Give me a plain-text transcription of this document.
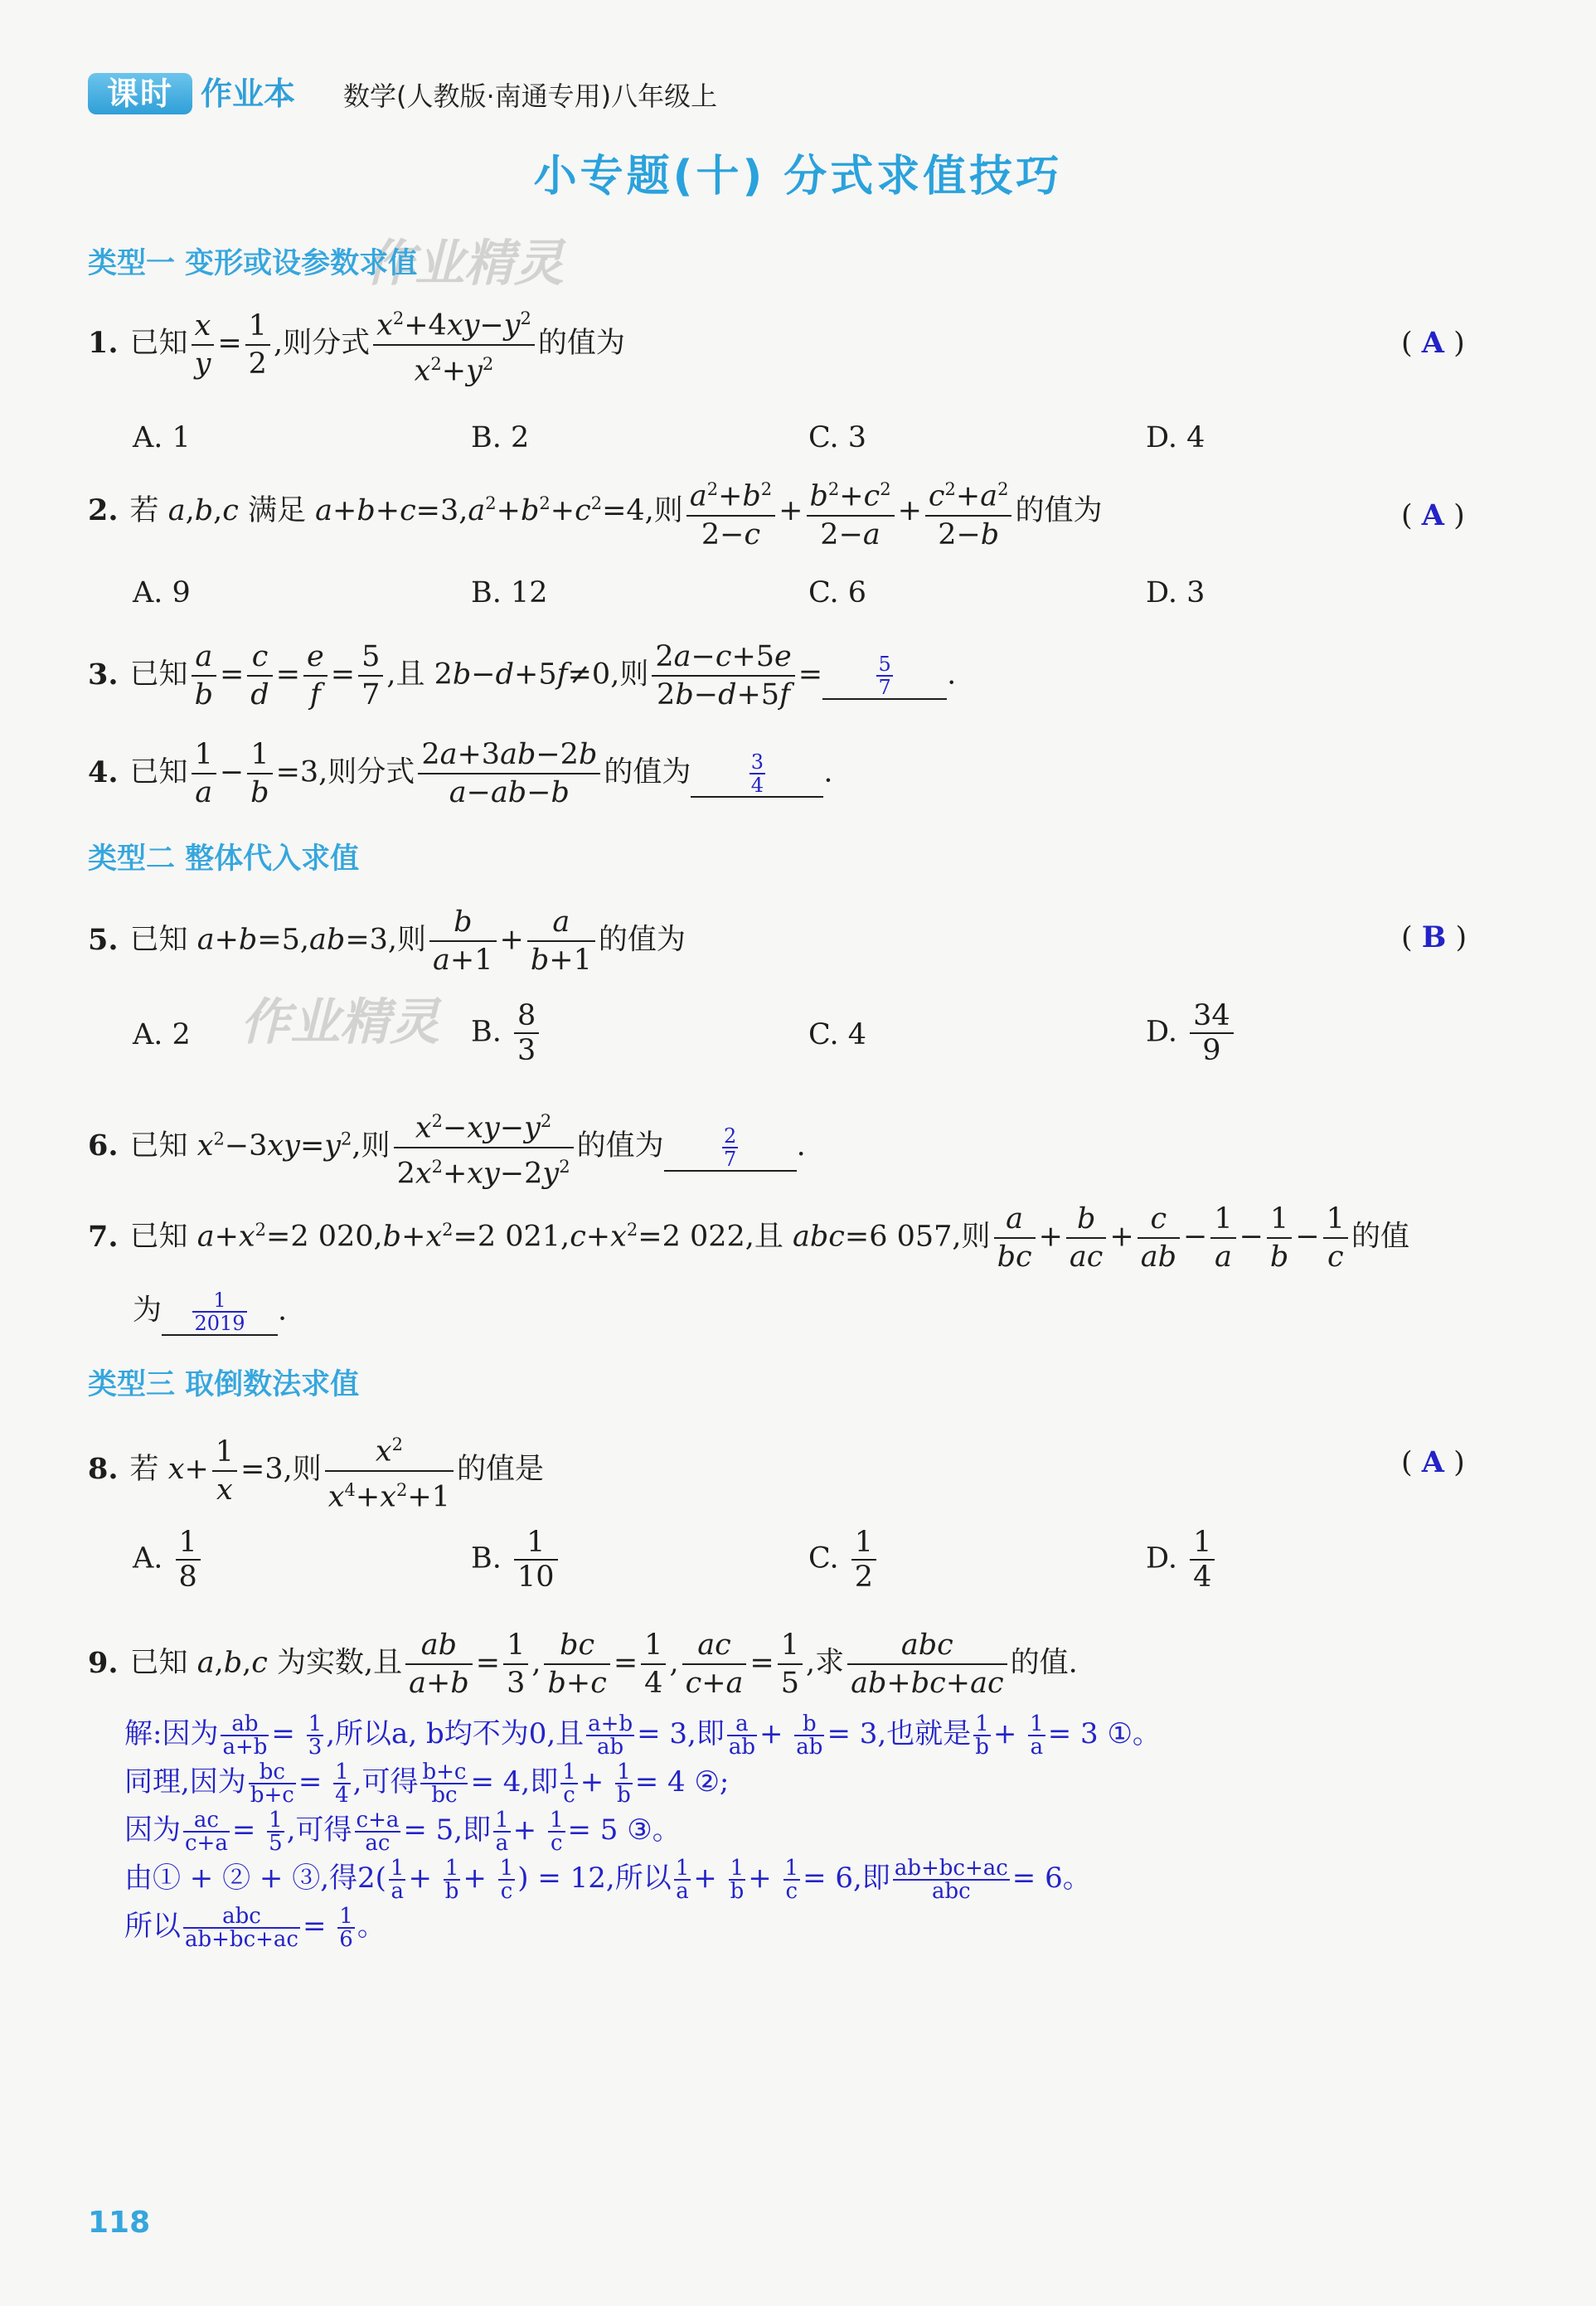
课时 作业本 数学(人教版·南通专用)八年级上
小专题(十) 分式求值技巧
作业精灵
作业精灵
类型一 变形或设参数求值
1. 已知 $\frac{x}{y} = \frac{1}{2}$ ,则分式 $\frac{x^2+4xy-y^2}{x^2+y^2}$ 的值为	( A )
A. 1	B. 2	C. 3	D. 4
2. 若 a,b,c 满足 $a+b+c=3,a^2+b^2+c^2=4$,则 $\frac{a^2+b^2}{2-c} + \frac{b^2+c^2}{2-a} + \frac{c^2+a^2}{2-b}$ 的值为	( A )
A. 9	B. 12	C. 6	D. 3
3. 已知 $\frac{a}{b} = \frac{c}{d} = \frac{e}{f} = \frac{5}{7}$ ,且 2b−d+5f≠0,则 $\frac{2a-c+5e}{2b-d+5f}$ =	$\frac{5}{7}$ .
4. 已知 $\frac{1}{a} - \frac{1}{b} =3$,则分式 $\frac{2a+3ab-2b}{a-ab-b}$ 的值为	$\frac{3}{4}$ .
类型二 整体代入求值
5. 已知 a+b=5,ab=3,则 $\frac{b}{a+1} + \frac{a}{b+1}$ 的值为	( B )
A. 2	B. $\frac{8}{3}$	C. 4	D. $\frac{34}{9}$
6. 已知 $x^2-3xy=y^2$,则 $\frac{x^2-xy-y^2}{2x^2+xy-2y^2}$ 的值为	$\frac{2}{7}$ .
7. 已知 $a+x^2=2$ $020,b+x^2=2$ $021,c+x^2=2$ 022,且 abc=6 057,则 $\frac{a}{bc} + \frac{b}{ac} + \frac{c}{ab} - \frac{1}{a} - \frac{1}{b} - \frac{1}{c}$ 的值
为 $\frac{1}{2019}$ .
类型三 取倒数法求值
8. 若 $x+ \frac{1}{x} =3$,则 $\frac{x^2}{x^4+x^2+1}$ 的值是	( A )
A. $\frac{1}{8}$	B. $\frac{1}{10}$	C. $\frac{1}{2}$	D. $\frac{1}{4}$
9. 已知 a,b,c 为实数,且 $\frac{ab}{a+b} = \frac{1}{3}$ , $\frac{bc}{b+c} = \frac{1}{4}$ , $\frac{ac}{c+a} = \frac{1}{5}$ ,求 $\frac{\text{abc}}{ab+bc+ac}$ 的值.
解:因为 $\frac{ab}{a+b} = \frac{1}{3}$ ,所以a, b均不为0,且 $\frac{a+b}{ab} = 3$,即 $\frac{a}{ab} + \frac{b}{ab} = 3$,也就是 $\frac{1}{b} + \frac{1}{a} = 3$ ①。
同理,因为 $\frac{bc}{b+c} = \frac{1}{4}$ ,可得 $\frac{b+c}{bc} = 4$,即 $\frac{1}{c} + \frac{1}{b} = 4$ ②;
因为 $\frac{ac}{c+a} = \frac{1}{5}$ ,可得 $\frac{c+a}{ac} = 5$,即 $\frac{1}{a} + \frac{1}{c} = 5$ ③。
由① + ② + ③,得$2( \frac{1}{a} + \frac{1}{b} + \frac{1}{c}$ ) = 12,所以 $\frac{1}{a} + \frac{1}{b} + \frac{1}{c} = 6$,即 ab+bc+ac
abc	= 6。
所以	abc
$ab+bc+ac = \frac{1}{6}$ 。
118
